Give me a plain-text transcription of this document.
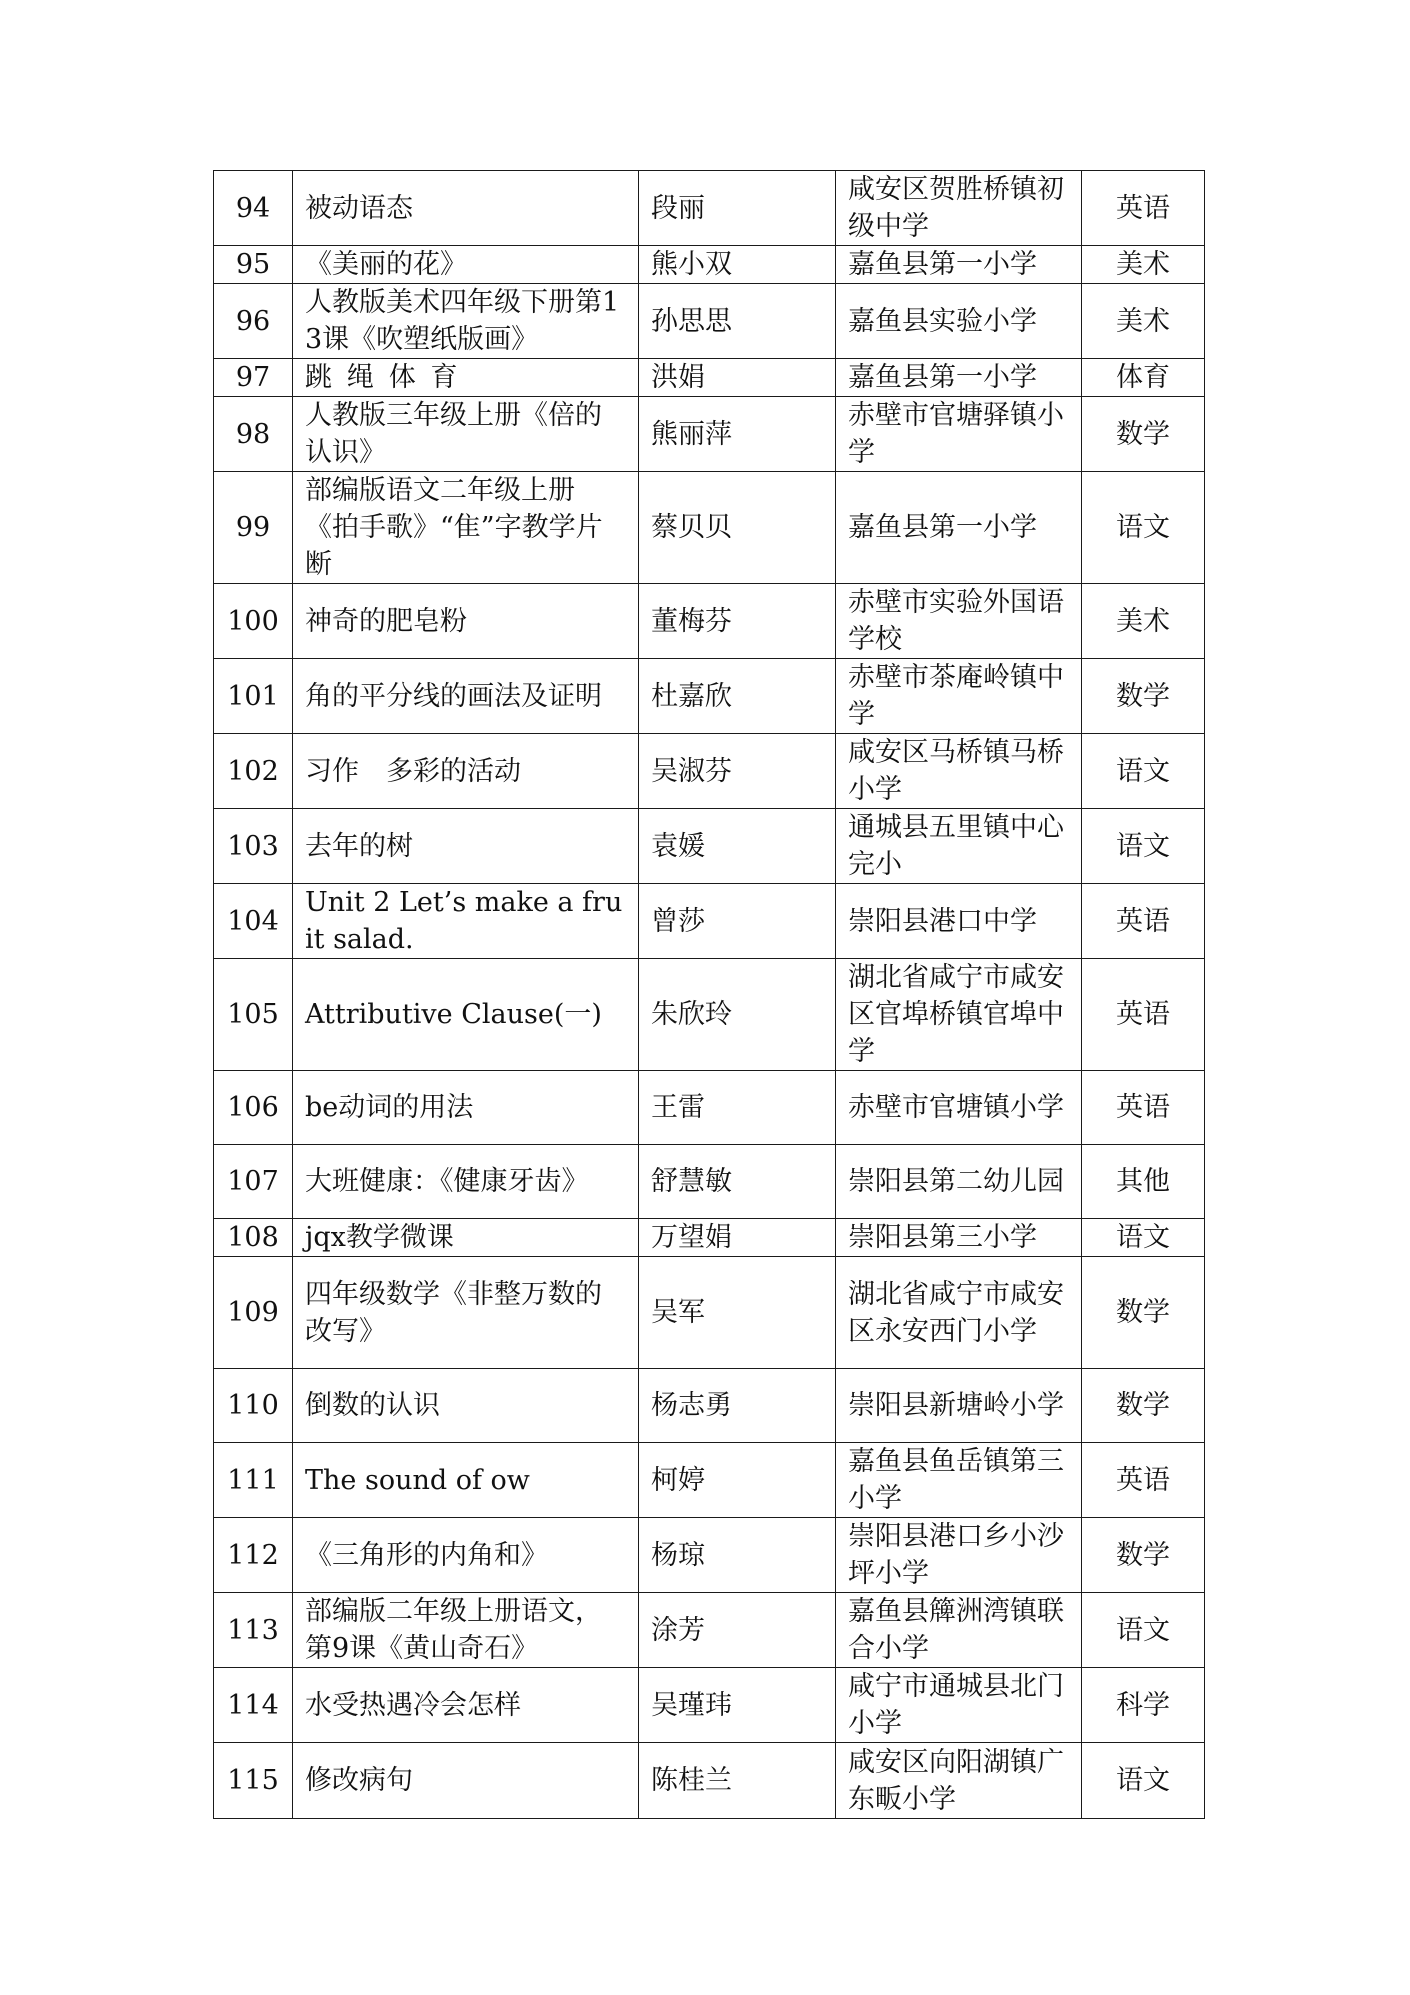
94	被动语态	段丽	咸安区贺胜桥镇初级中学	英语
95	《美丽的花》	熊小双	嘉鱼县第一小学	美术
96	人教版美术四年级下册第13课《吹塑纸版画》	孙思思	嘉鱼县实验小学	美术
97	跳绳体育	洪娟	嘉鱼县第一小学	体育
98	人教版三年级上册《倍的认识》	熊丽萍	赤壁市官塘驿镇小学	数学
99	部编版语文二年级上册《拍手歌》“隹”字教学片断	蔡贝贝	嘉鱼县第一小学	语文
100	神奇的肥皂粉	董梅芬	赤壁市实验外国语学校	美术
101	角的平分线的画法及证明	杜嘉欣	赤壁市茶庵岭镇中学	数学
102	习作　多彩的活动	吴淑芬	咸安区马桥镇马桥小学	语文
103	去年的树	袁媛	通城县五里镇中心完小	语文
104	Unit 2 Let’s make a fruit salad.	曾莎	崇阳县港口中学	英语
105	Attributive Clause(一)	朱欣玲	湖北省咸宁市咸安区官埠桥镇官埠中学	英语
106	be动词的用法	王雷	赤壁市官塘镇小学	英语
107	大班健康：《健康牙齿》	舒慧敏	崇阳县第二幼儿园	其他
108	jqx教学微课	万望娟	崇阳县第三小学	语文
109	四年级数学《非整万数的改写》	吴军	湖北省咸宁市咸安区永安西门小学	数学
110	倒数的认识	杨志勇	崇阳县新塘岭小学	数学
111	The sound of ow	柯婷	嘉鱼县鱼岳镇第三小学	英语
112	《三角形的内角和》	杨琼	崇阳县港口乡小沙坪小学	数学
113	部编版二年级上册语文，第9课《黄山奇石》	涂芳	嘉鱼县簰洲湾镇联合小学	语文
114	水受热遇冷会怎样	吴瑾玮	咸宁市通城县北门小学	科学
115	修改病句	陈桂兰	咸安区向阳湖镇广东畈小学	语文
